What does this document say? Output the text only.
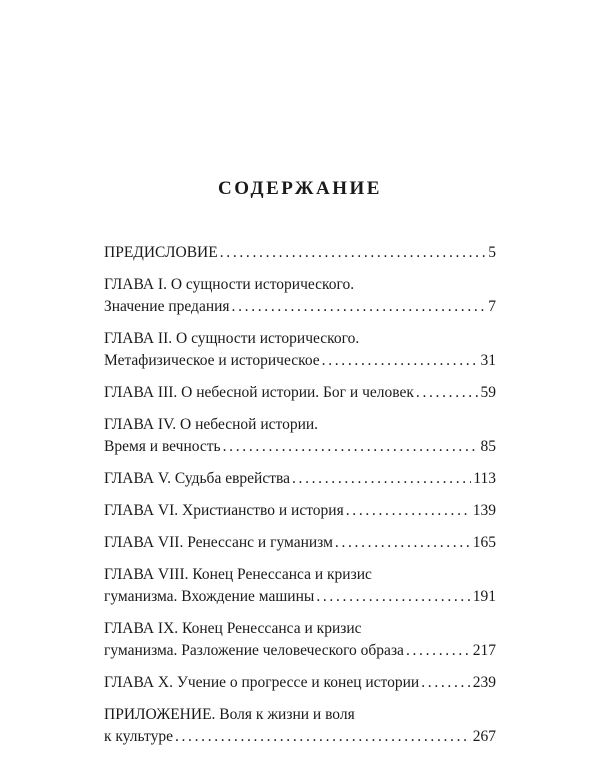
СОДЕРЖАНИЕ
ПРЕДИСЛОВИЕ . . .	5
ГЛАВА I. О сущности исторического.
Значение предания . . .	7
ГЛАВА II. О сущности исторического.
Метафизическое и историческое . . .	31
ГЛАВА III. О небесной истории. Бог и человек . . .	59
ГЛАВА IV. О небесной истории.
Время и вечность . . .	85
ГЛАВА V. Судьба еврейства . . .	113
ГЛАВА VI. Христианство и история . . .	139
ГЛАВА VII. Ренессанс и гуманизм . . .	165
ГЛАВА VIII. Конец Ренессанса и кризис
гуманизма. Вхождение машины . . .	191
ГЛАВА IX. Конец Ренессанса и кризис
гуманизма. Разложение человеческого образа . . .	217
ГЛАВА X. Учение о прогрессе и конец истории . . .	239
ПРИЛОЖЕНИЕ. Воля к жизни и воля
к культуре . . .	267
